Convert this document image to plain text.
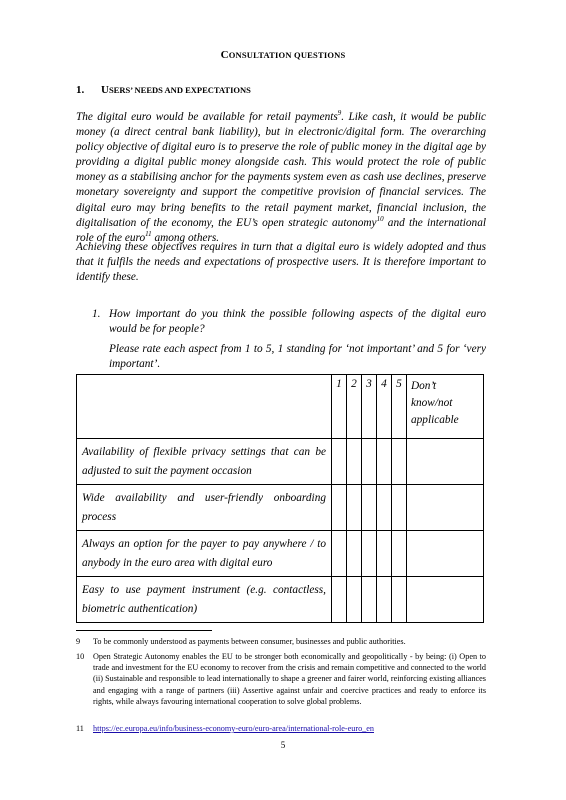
CONSULTATION QUESTIONS
1. USERS’ NEEDS AND EXPECTATIONS

The digital euro would be available for retail payments$^9$. Like cash, it would be public money (a direct central bank liability), but in electronic/digital form. The overarching policy objective of digital euro is to preserve the role of public money in the digital age by providing a digital public money alongside cash. This would protect the role of public money as a stabilising anchor for the payments system even as cash use declines, preserve monetary sovereignty and support the competitive provision of financial services. The digital euro may bring benefits to the retail payment market, financial inclusion, the digitalisation of the economy, the EU’s open strategic autonomy$^{10}$ and the international role of the euro$^{11}$ among others.

Achieving these objectives requires in turn that a digital euro is widely adopted and thus that it fulfils the needs and expectations of prospective users. It is therefore important to identify these.

1. How important do you think the possible following aspects of the digital euro would be for people?
Please rate each aspect from 1 to 5, 1 standing for ‘not important’ and 5 for ‘very important’.
	1	2	3	4	5	Don’t know/not applicable
Availability of flexible privacy settings that can be adjusted to suit the payment occasion						
Wide availability and user-friendly onboarding process						
Always an option for the payer to pay anywhere / to anybody in the euro area with digital euro						
Easy to use payment instrument (e.g. contactless, biometric authentication)						
9 To be commonly understood as payments between consumer, businesses and public authorities.
10 Open Strategic Autonomy enables the EU to be stronger both economically and geopolitically - by being: (i) Open to trade and investment for the EU economy to recover from the crisis and remain competitive and connected to the world (ii) Sustainable and responsible to lead internationally to shape a greener and fairer world, reinforcing existing alliances and engaging with a range of partners (iii) Assertive against unfair and coercive practices and ready to enforce its rights, while always favouring international cooperation to solve global problems.
11 https://ec.europa.eu/info/business-economy-euro/euro-area/international-role-euro_en
5
